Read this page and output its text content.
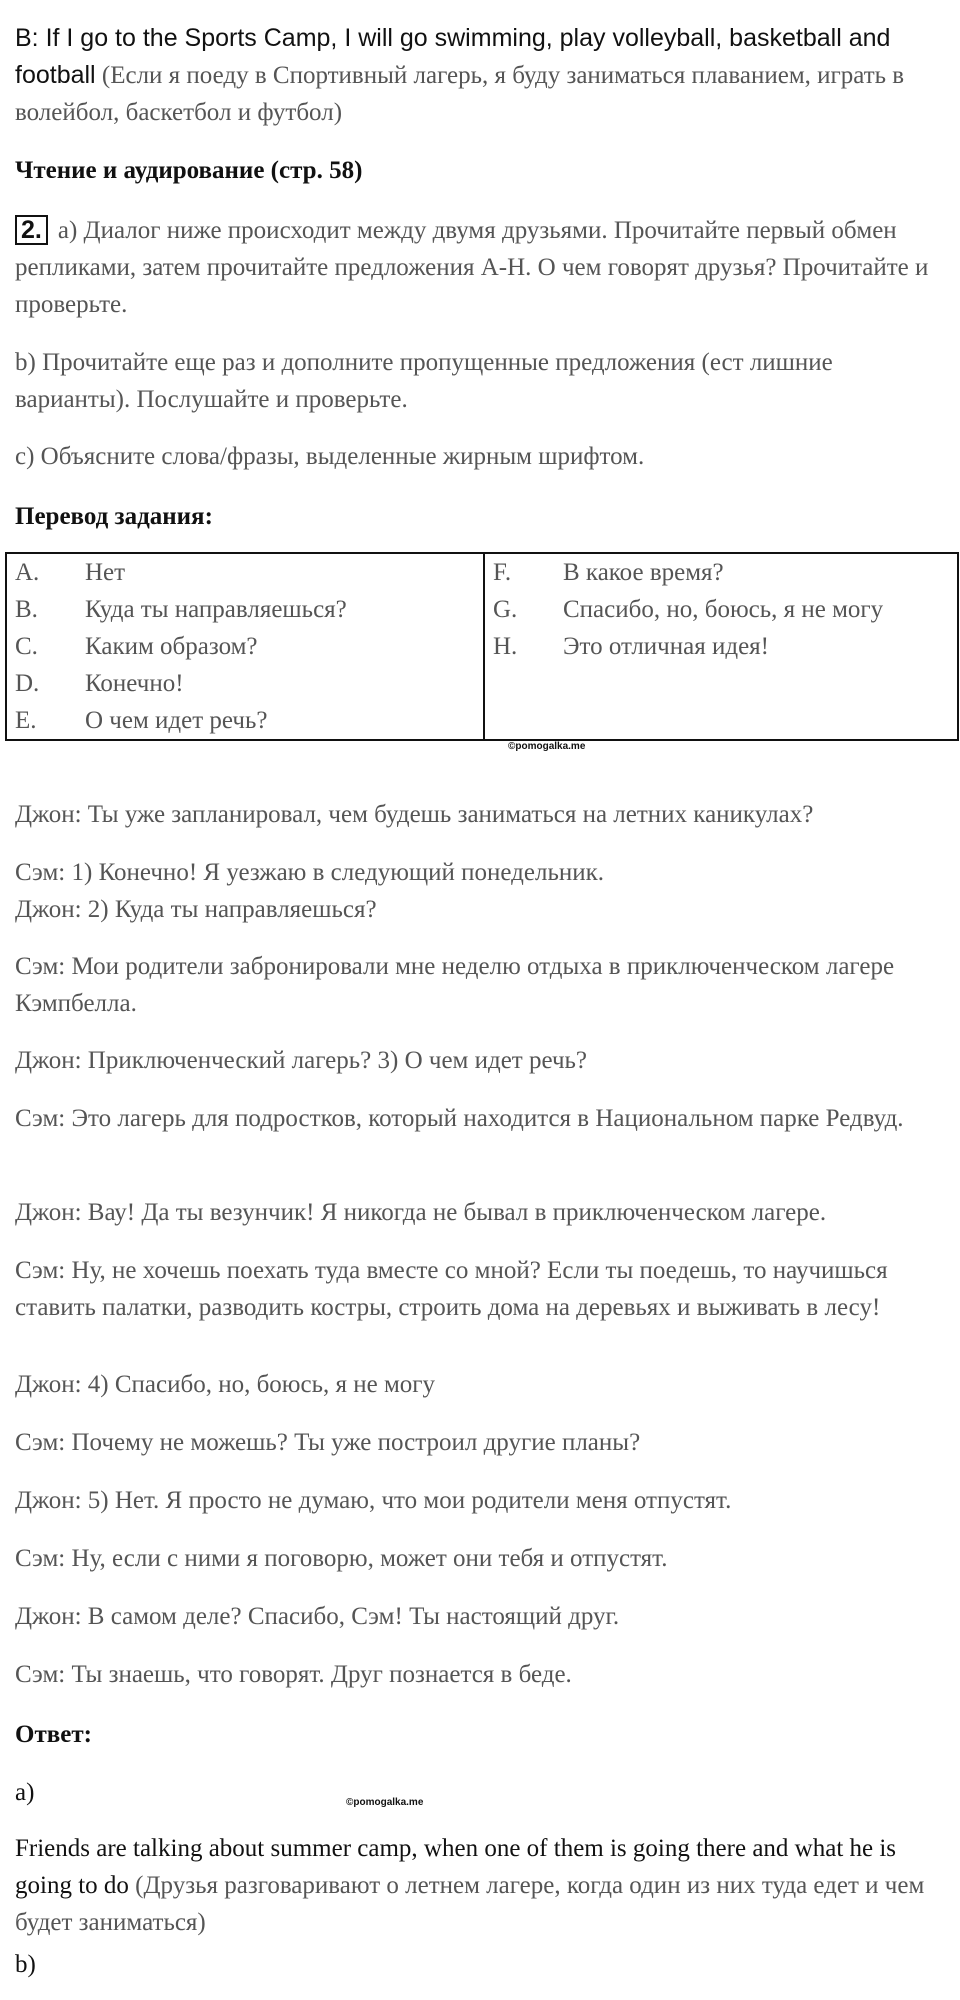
B: If I go to the Sports Camp, I will go swimming, play volleyball, basketball and football (Если я поеду в Спортивный лагерь, я буду заниматься плаванием, играть в волейбол, баскетбол и футбол)

Чтение и аудирование (стр. 58)

2. a) Диалог ниже происходит между двумя друзьями. Прочитайте первый обмен репликами, затем прочитайте предложения A-H. О чем говорят друзья? Прочитайте и проверьте.

b) Прочитайте еще раз и дополните пропущенные предложения (ест лишние варианты). Послушайте и проверьте.

c) Объясните слова/фразы, выделенные жирным шрифтом.

Перевод задания:

A. Нет
B. Куда ты направляешься?
C. Каким образом?
D. Конечно!
E. О чем идет речь?

F. В какое время?
G. Спасибо, но, боюсь, я не могу
H. Это отличная идея!
©pomogalka.me

Джон: Ты уже запланировал, чем будешь заниматься на летних каникулах?

Сэм: 1) Конечно! Я уезжаю в следующий понедельник.

Джон: 2) Куда ты направляешься?

Сэм: Мои родители забронировали мне неделю отдыха в приключенческом лагере Кэмпбелла.

Джон: Приключенческий лагерь? 3) О чем идет речь?

Сэм: Это лагерь для подростков, который находится в Национальном парке Редвуд.

Джон: Вау! Да ты везунчик! Я никогда не бывал в приключенческом лагере.

Сэм: Ну, не хочешь поехать туда вместе со мной? Если ты поедешь, то научишься ставить палатки, разводить костры, строить дома на деревьях и выживать в лесу!

Джон: 4) Спасибо, но, боюсь, я не могу

Сэм: Почему не можешь? Ты уже построил другие планы?

Джон: 5) Нет. Я просто не думаю, что мои родители меня отпустят.

Сэм: Ну, если с ними я поговорю, может они тебя и отпустят.

Джон: В самом деле? Спасибо, Сэм! Ты настоящий друг.

Сэм: Ты знаешь, что говорят. Друг познается в беде.

Ответ:

a)	©pomogalka.me

Friends are talking about summer camp, when one of them is going there and what he is going to do (Друзья разговаривают о летнем лагере, когда один из них туда едет и чем будет заниматься)

b)
